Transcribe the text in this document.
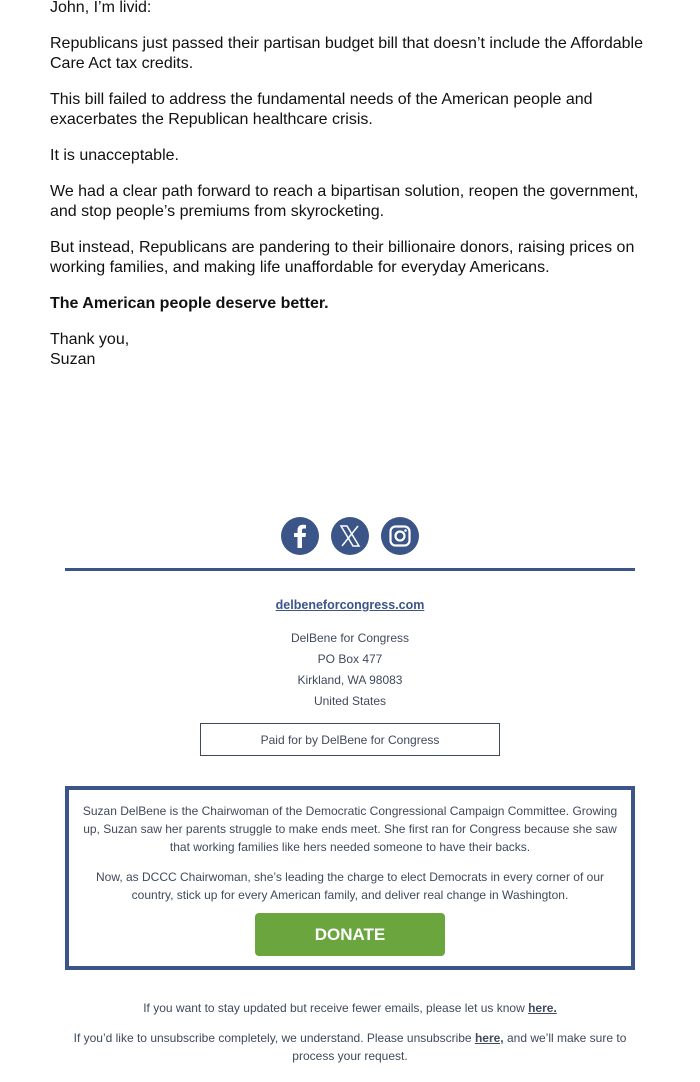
John, I’m livid:

Republicans just passed their partisan budget bill that doesn’t include the Affordable Care Act tax credits.

This bill failed to address the fundamental needs of the American people and exacerbates the Republican healthcare crisis.

It is unacceptable.

We had a clear path forward to reach a bipartisan solution, reopen the government, and stop people’s premiums from skyrocketing.

But instead, Republicans are pandering to their billionaire donors, raising prices on working families, and making life unaffordable for everyday Americans.

The American people deserve better.

Thank you,
Suzan

delbeneforcongress.com
DelBene for Congress
PO Box 477
Kirkland, WA 98083
United States
Paid for by DelBene for Congress

Suzan DelBene is the Chairwoman of the Democratic Congressional Campaign Committee. Growing up, Suzan saw her parents struggle to make ends meet. She first ran for Congress because she saw that working families like hers needed someone to have their backs.

Now, as DCCC Chairwoman, she’s leading the charge to elect Democrats in every corner of our country, stick up for every American family, and deliver real change in Washington.

DONATE
If you want to stay updated but receive fewer emails, please let us know here.
If you’d like to unsubscribe completely, we understand. Please unsubscribe here, and we’ll make sure to process your request.
